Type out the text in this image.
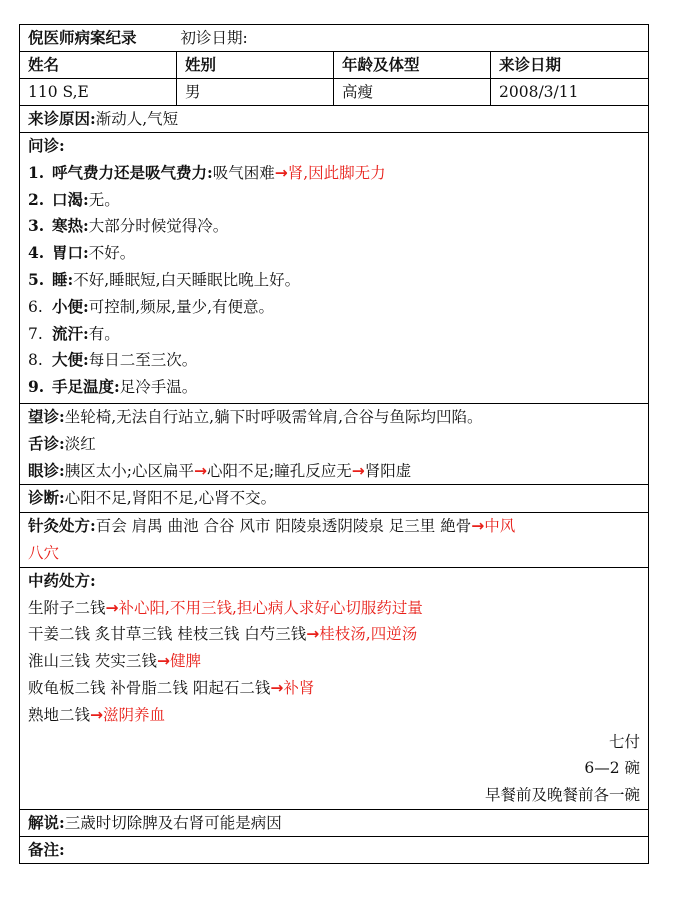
倪医师病案纪录	初诊日期:
姓名	姓别	年龄及体型	来诊日期
110 S,E	男	高瘦	2008/3/11
来诊原因:渐动人,气短
问诊:
1. 呼气费力还是吸气费力:吸气困难→肾,因此脚无力
2. 口渴:无。
3. 寒热:大部分时候觉得冷。
4. 胃口:不好。
5. 睡:不好,睡眠短,白天睡眠比晚上好。
6. 小便:可控制,频尿,量少,有便意。
7. 流汗:有。
8. 大便:每日二至三次。
9. 手足温度:足冷手温。
望诊:坐轮椅,无法自行站立,躺下时呼吸需耸肩,合谷与鱼际均凹陷。
舌诊:淡红
眼诊:胰区太小;心区扁平→心阳不足;瞳孔反应无→肾阳虚
诊断:心阳不足,肾阳不足,心肾不交。
针灸处方:百会 肩禺 曲池 合谷 风市 阳陵泉透阴陵泉 足三里 絶骨→中风
八穴
中药处方:
生附子二钱→补心阳,不用三钱,担心病人求好心切服药过量
干姜二钱 炙甘草三钱 桂枝三钱 白芍三钱→桂枝汤,四逆汤
淮山三钱 芡实三钱→健脾
败龟板二钱 补骨脂二钱 阳起石二钱→补肾
熟地二钱→滋阴养血
七付
6—2 碗
早餐前及晚餐前各一碗
解说:三歳时切除脾及右肾可能是病因
备注:
